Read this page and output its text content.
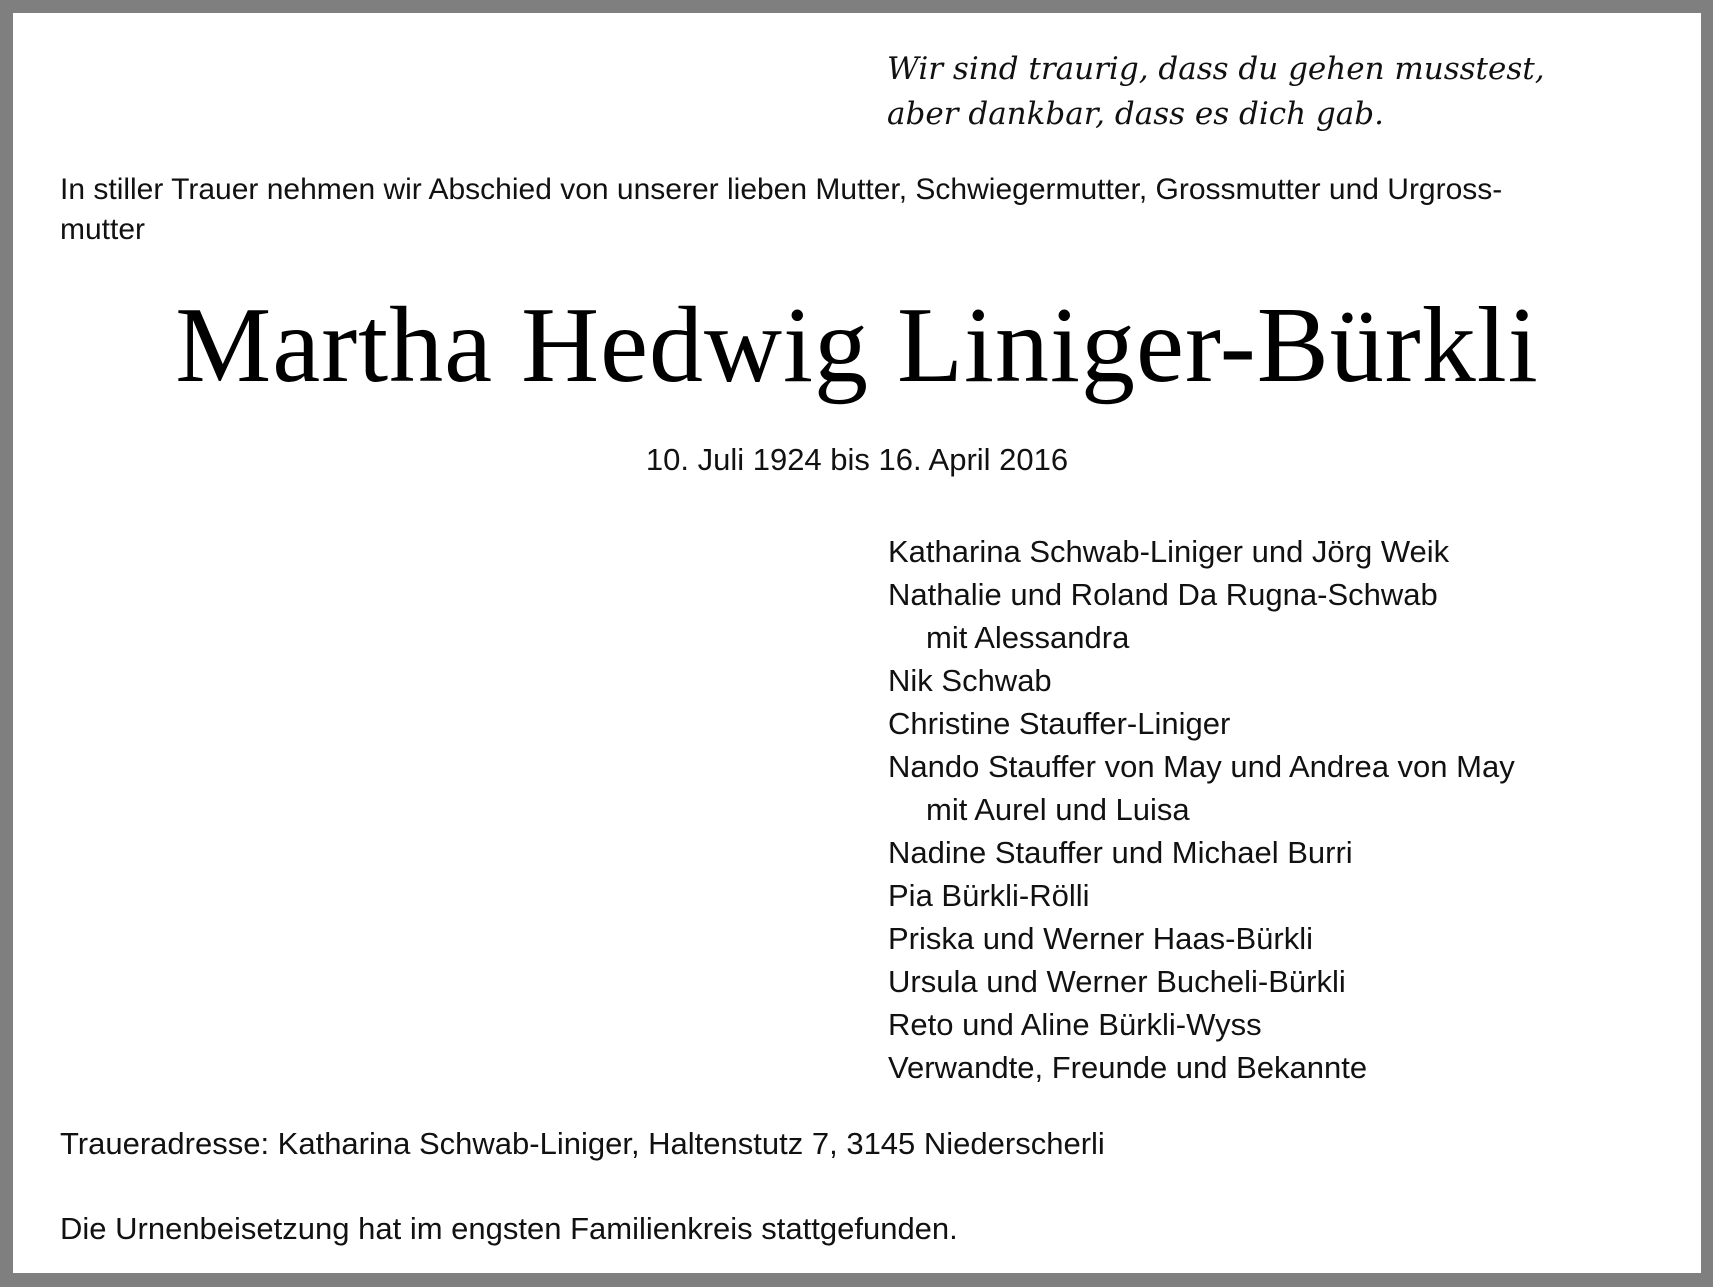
Wir sind traurig, dass du gehen musstest,
aber dankbar, dass es dich gab.
In stiller Trauer nehmen wir Abschied von unserer lieben Mutter, Schwiegermutter, Grossmutter und Urgross-
mutter
Martha Hedwig Liniger-Bürkli
10. Juli 1924 bis 16. April 2016
Katharina Schwab-Liniger und Jörg Weik
Nathalie und Roland Da Rugna-Schwab
mit Alessandra
Nik Schwab
Christine Stauffer-Liniger
Nando Stauffer von May und Andrea von May
mit Aurel und Luisa
Nadine Stauffer und Michael Burri
Pia Bürkli-Rölli
Priska und Werner Haas-Bürkli
Ursula und Werner Bucheli-Bürkli
Reto und Aline Bürkli-Wyss
Verwandte, Freunde und Bekannte
Traueradresse: Katharina Schwab-Liniger, Haltenstutz 7, 3145 Niederscherli
Die Urnenbeisetzung hat im engsten Familienkreis stattgefunden.
